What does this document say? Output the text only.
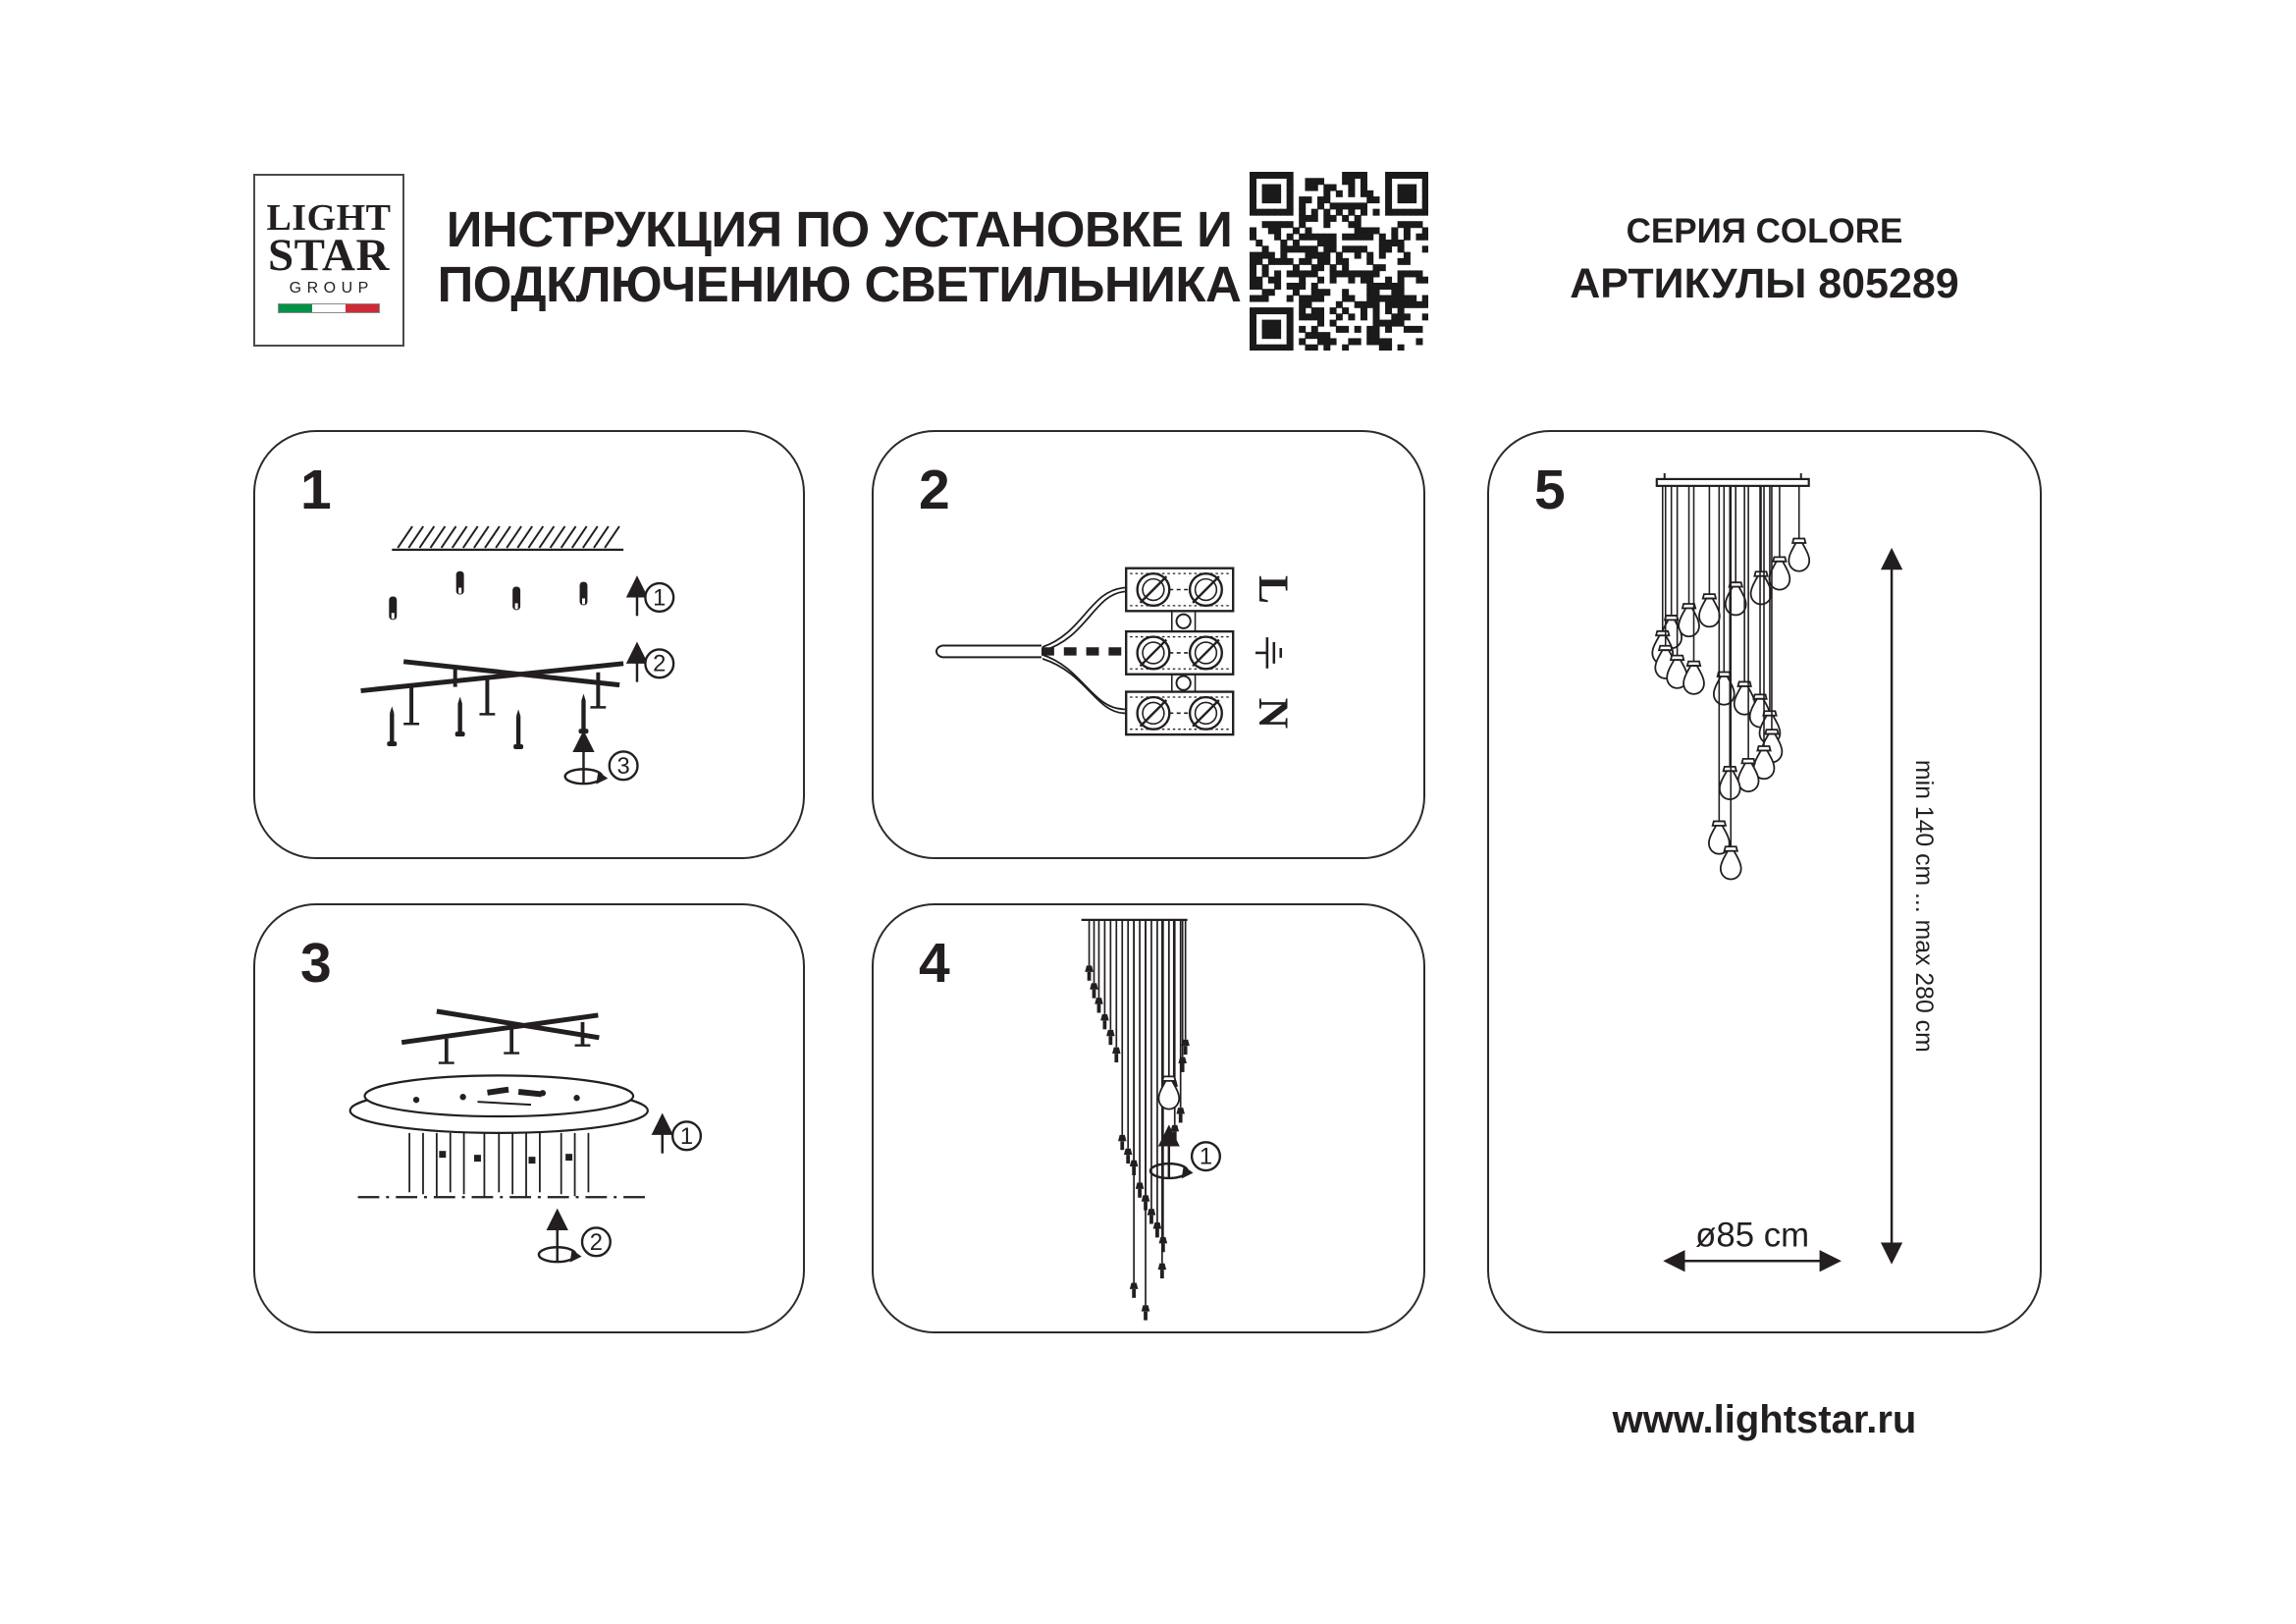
LIGHT
STAR
GROUP
ИНСТРУКЦИЯ ПО УСТАНОВКЕ И
ПОДКЛЮЧЕНИЮ СВЕТИЛЬНИКА
СЕРИЯ COLORE
АРТИКУЛЫ 805289
1
1
2
3
2
L
N
3
1
2
4
1
5
min 140 cm ... max 280 cm
ø85 cm
www.lightstar.ru
